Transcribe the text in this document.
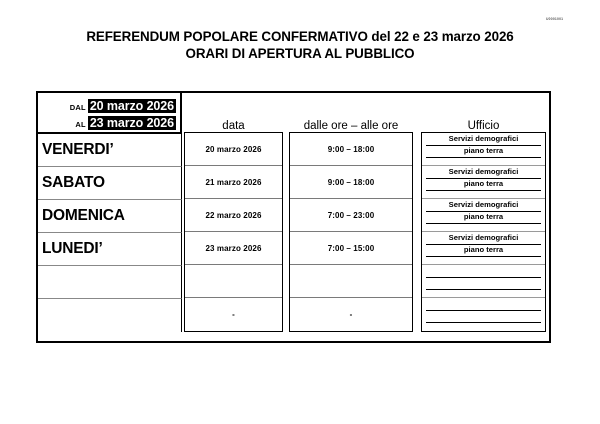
U0001001
REFERENDUM POPOLARE CONFERMATIVO del 22 e 23 marzo 2026
ORARI DI APERTURA AL PUBBLICO
DAL 20 marzo 2026
AL 23 marzo 2026
VENERDI’
SABATO
DOMENICA
LUNEDI’
data
20 marzo 2026
21 marzo 2026
22 marzo 2026
23 marzo 2026
-
dalle ore – alle ore
9:00 – 18:00
9:00 – 18:00
7:00 – 23:00
7:00 – 15:00
-
Ufficio
Servizi demografici
piano terra
Servizi demografici
piano terra
Servizi demografici
piano terra
Servizi demografici
piano terra
